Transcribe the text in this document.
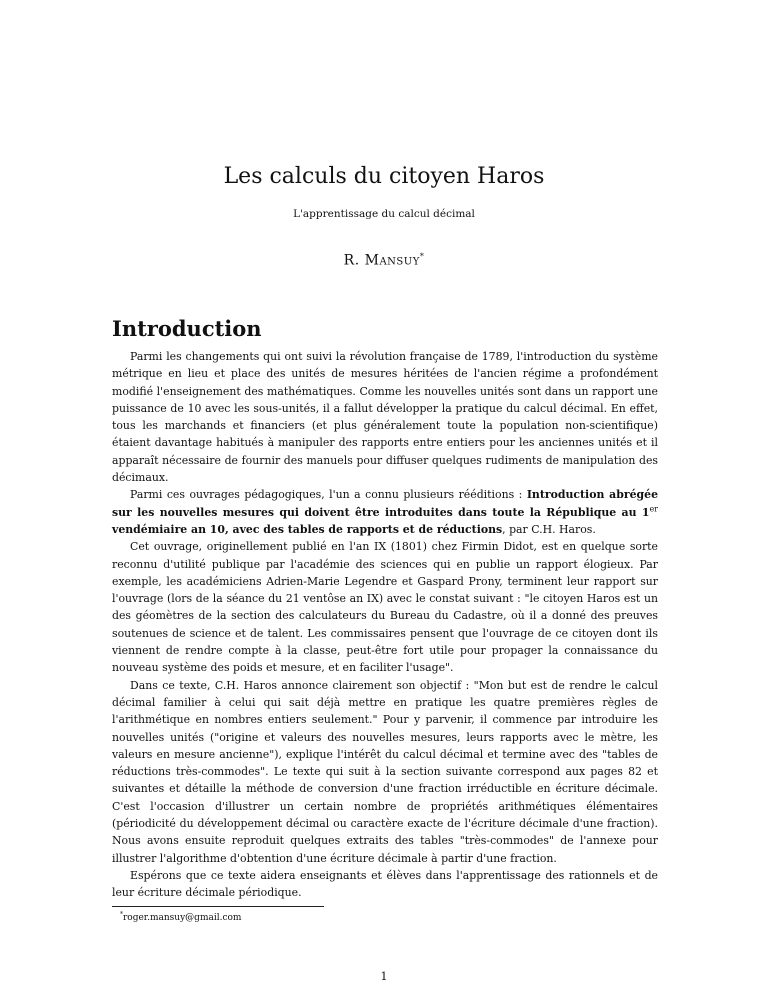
Les calculs du citoyen Haros
L'apprentissage du calcul décimal
R. Mansuy*
Introduction

Parmi les changements qui ont suivi la révolution française de 1789, l'introduction du système métrique en lieu et place des unités de mesures héritées de l'ancien régime a profondément modifié l'enseignement des mathématiques. Comme les nouvelles unités sont dans un rapport une puissance de 10 avec les sous-unités, il a fallut développer la pratique du calcul décimal. En effet, tous les marchands et financiers (et plus généralement toute la population non-scientifique) étaient davantage habitués à manipuler des rapports entre entiers pour les anciennes unités et il apparaît nécessaire de fournir des manuels pour diffuser quelques rudiments de manipulation des décimaux.

Parmi ces ouvrages pédagogiques, l'un a connu plusieurs rééditions : Introduction abrégée sur les nouvelles mesures qui doivent être introduites dans toute la République au 1er vendémiaire an 10, avec des tables de rapports et de réductions, par C.H. Haros.

Cet ouvrage, originellement publié en l'an IX (1801) chez Firmin Didot, est en quelque sorte reconnu d'utilité publique par l'académie des sciences qui en publie un rapport élogieux. Par exemple, les académiciens Adrien-Marie Legendre et Gaspard Prony, terminent leur rapport sur l'ouvrage (lors de la séance du 21 ventôse an IX) avec le constat suivant : "le citoyen Haros est un des géomètres de la section des calculateurs du Bureau du Cadastre, où il a donné des preuves soutenues de science et de talent. Les commissaires pensent que l'ouvrage de ce citoyen dont ils viennent de rendre compte à la classe, peut-être fort utile pour propager la connaissance du nouveau système des poids et mesure, et en faciliter l'usage".

Dans ce texte, C.H. Haros annonce clairement son objectif : "Mon but est de rendre le calcul décimal familier à celui qui sait déjà mettre en pratique les quatre premières règles de l'arithmétique en nombres entiers seulement." Pour y parvenir, il commence par introduire les nouvelles unités ("origine et valeurs des nouvelles mesures, leurs rapports avec le mètre, les valeurs en mesure ancienne"), explique l'intérêt du calcul décimal et termine avec des "tables de réductions très-commodes". Le texte qui suit à la section suivante correspond aux pages 82 et suivantes et détaille la méthode de conversion d'une fraction irréductible en écriture décimale. C'est l'occasion d'illustrer un certain nombre de propriétés arithmétiques élémentaires (périodicité du développement décimal ou caractère exacte de l'écriture décimale d'une fraction). Nous avons ensuite reproduit quelques extraits des tables "très-commodes" de l'annexe pour illustrer l'algorithme d'obtention d'une écriture décimale à partir d'une fraction.

Espérons que ce texte aidera enseignants et élèves dans l'apprentissage des rationnels et de leur écriture décimale périodique.

*roger.mansuy@gmail.com
1
